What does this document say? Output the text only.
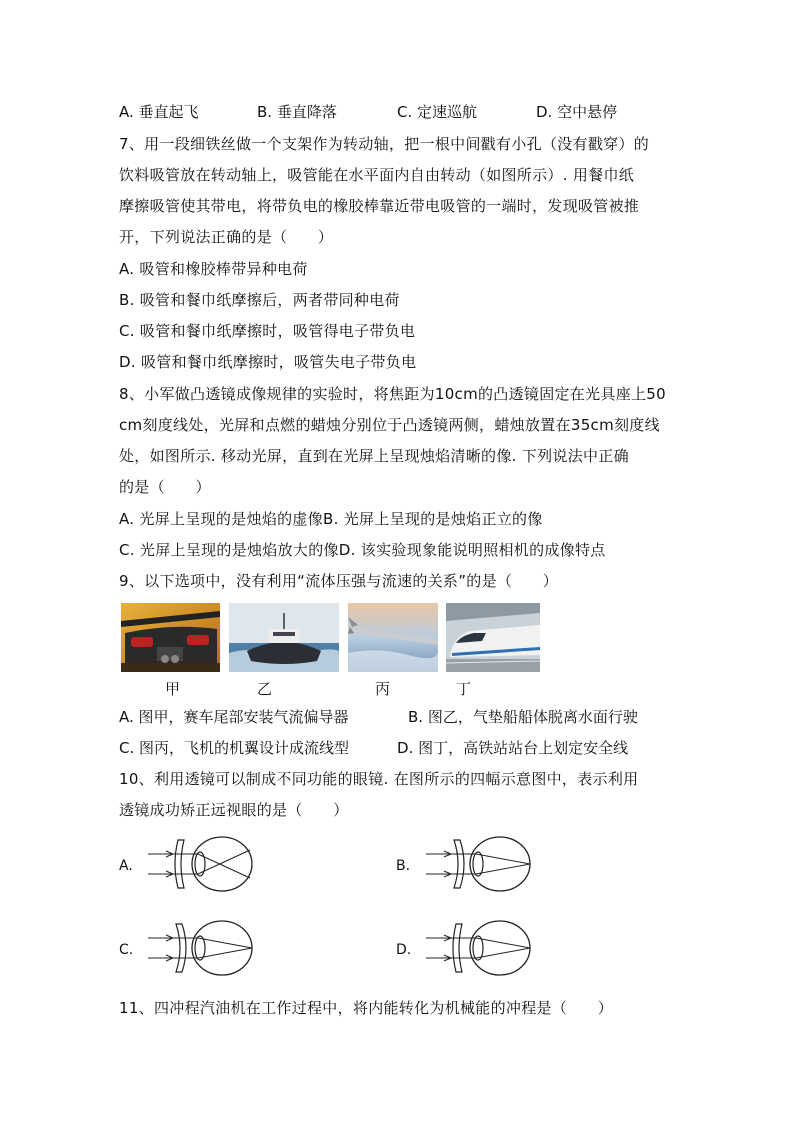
A. 垂直起飞	B. 垂直降落	C. 定速巡航	D. 空中悬停
7、用一段细铁丝做一个支架作为转动轴，把一根中间戳有小孔（没有戳穿）的
饮料吸管放在转动轴上，吸管能在水平面内自由转动（如图所示）. 用餐巾纸
摩擦吸管使其带电，将带负电的橡胶棒靠近带电吸管的一端时，发现吸管被推
开，下列说法正确的是（　　）
A. 吸管和橡胶棒带异种电荷
B. 吸管和餐巾纸摩擦后，两者带同种电荷
C. 吸管和餐巾纸摩擦时，吸管得电子带负电
D. 吸管和餐巾纸摩擦时，吸管失电子带负电
8、小军做凸透镜成像规律的实验时，将焦距为10cm的凸透镜固定在光具座上50
cm刻度线处，光屏和点燃的蜡烛分别位于凸透镜两侧，蜡烛放置在35cm刻度线
处，如图所示. 移动光屏，直到在光屏上呈现烛焰清晰的像. 下列说法中正确
的是（　　）
A. 光屏上呈现的是烛焰的虚像B. 光屏上呈现的是烛焰正立的像
C. 光屏上呈现的是烛焰放大的像D. 该实验现象能说明照相机的成像特点
9、以下选项中，没有利用“流体压强与流速的关系”的是（　　）
甲	乙	丙	丁
A. 图甲，赛车尾部安装气流偏导器	B. 图乙，气垫船船体脱离水面行驶
C. 图丙，飞机的机翼设计成流线型	D. 图丁，高铁站站台上划定安全线
10、利用透镜可以制成不同功能的眼镜. 在图所示的四幅示意图中，表示利用
透镜成功矫正远视眼的是（　　）
A.	B.
C.	D.
11、四冲程汽油机在工作过程中，将内能转化为机械能的冲程是（　　）
